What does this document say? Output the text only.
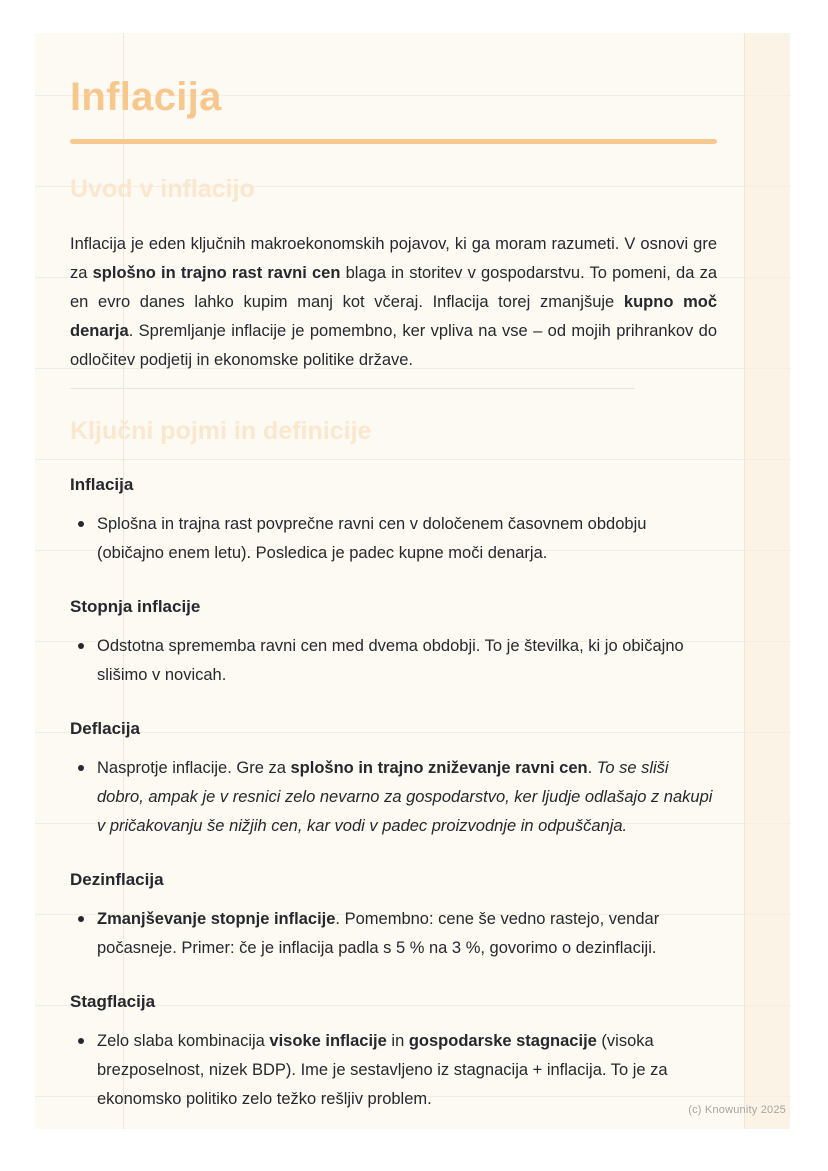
Inflacija
Uvod v inflacijo

Inflacija je eden ključnih makroekonomskih pojavov, ki ga moram razumeti. V osnovi gre za splošno in trajno rast ravni cen blaga in storitev v gospodarstvu. To pomeni, da za en evro danes lahko kupim manj kot včeraj. Inflacija torej zmanjšuje kupno moč denarja. Spremljanje inflacije je pomembno, ker vpliva na vse – od mojih prihrankov do odločitev podjetij in ekonomske politike države.

Ključni pojmi in definicije
Inflacija
Splošna in trajna rast povprečne ravni cen v določenem časovnem obdobju (običajno enem letu). Posledica je padec kupne moči denarja.
Stopnja inflacije
Odstotna sprememba ravni cen med dvema obdobji. To je številka, ki jo običajno slišimo v novicah.
Deflacija
Nasprotje inflacije. Gre za splošno in trajno zniževanje ravni cen. To se sliši dobro, ampak je v resnici zelo nevarno za gospodarstvo, ker ljudje odlašajo z nakupi v pričakovanju še nižjih cen, kar vodi v padec proizvodnje in odpuščanja.
Dezinflacija
Zmanjševanje stopnje inflacije. Pomembno: cene še vedno rastejo, vendar počasneje. Primer: če je inflacija padla s 5 % na 3 %, govorimo o dezinflaciji.
Stagflacija
Zelo slaba kombinacija visoke inflacije in gospodarske stagnacije (visoka brezposelnost, nizek BDP). Ime je sestavljeno iz stagnacija + inflacija. To je za ekonomsko politiko zelo težko rešljiv problem.
(c) Knowunity 2025
